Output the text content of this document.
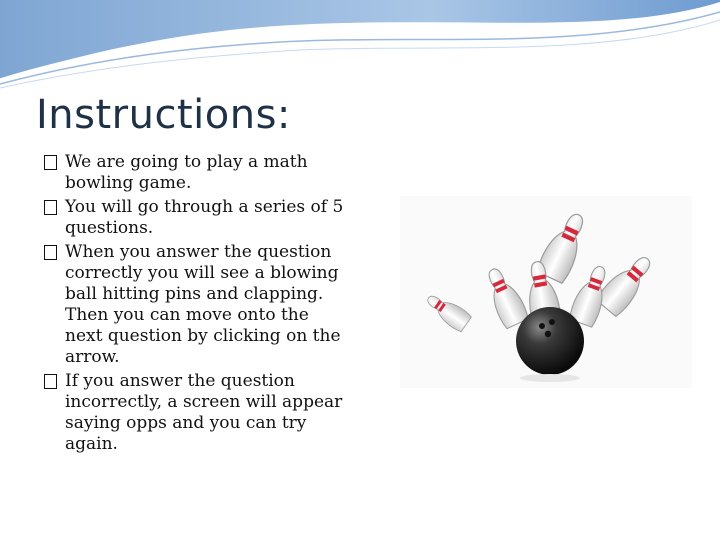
Instructions:
We are going to play a math bowling game.
You will go through a series of 5 questions.
When you answer the question correctly you will see a blowing ball hitting pins and clapping. Then you can move onto the next question by clicking on the arrow.
If you answer the question incorrectly, a screen will appear saying opps and you can try again.
